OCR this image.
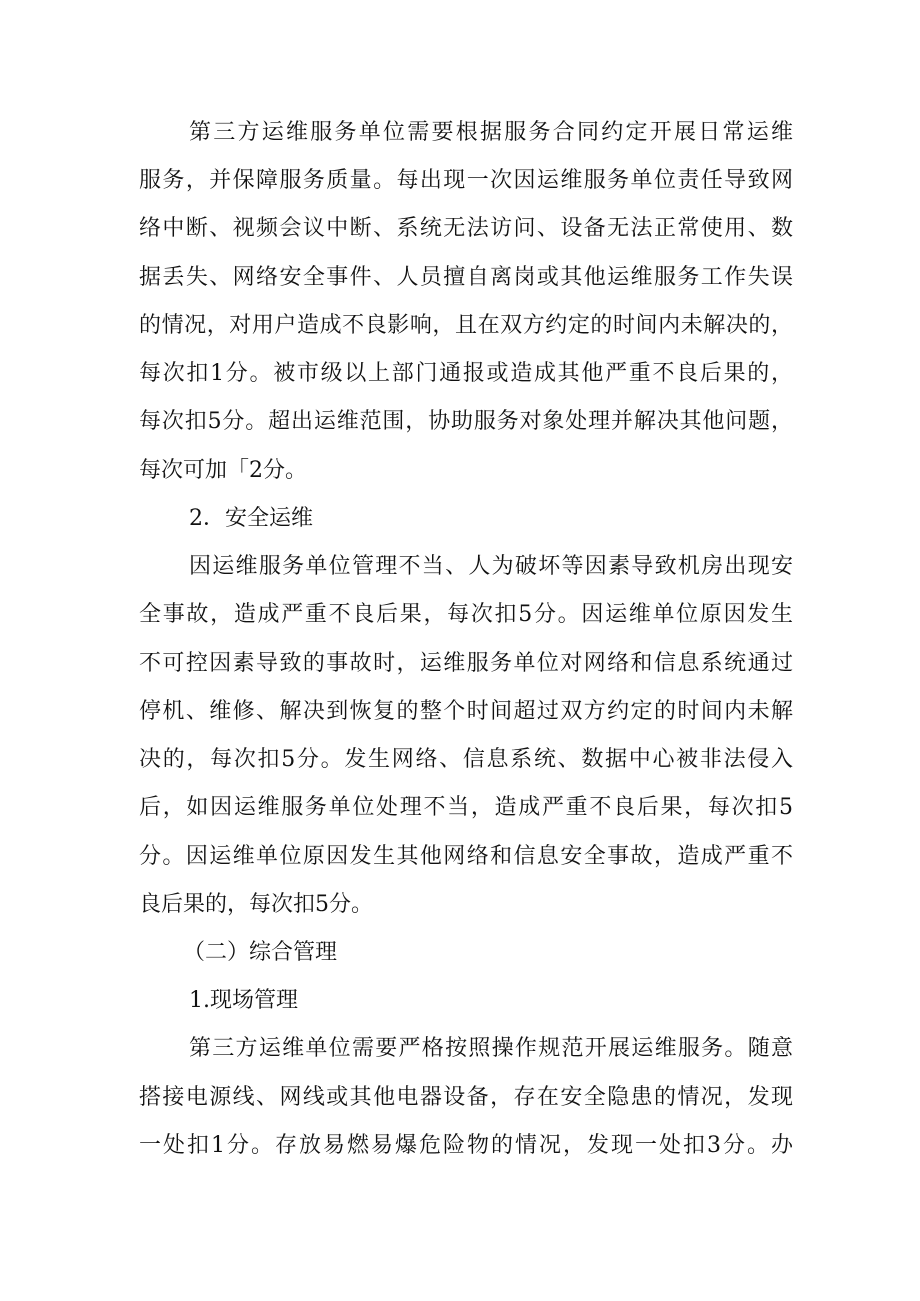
第三方运维服务单位需要根据服务合同约定开展日常运维
服务，并保障服务质量。每出现一次因运维服务单位责任导致网
络中断、视频会议中断、系统无法访问、设备无法正常使用、数
据丢失、网络安全事件、人员擅自离岗或其他运维服务工作失误
的情况，对用户造成不良影响，且在双方约定的时间内未解决的，
每次扣1分。被市级以上部门通报或造成其他严重不良后果的，
每次扣5分。超出运维范围，协助服务对象处理并解决其他问题，
每次可加「2分。
2．安全运维
因运维服务单位管理不当、人为破坏等因素导致机房出现安
全事故，造成严重不良后果，每次扣5分。因运维单位原因发生
不可控因素导致的事故时，运维服务单位对网络和信息系统通过
停机、维修、解决到恢复的整个时间超过双方约定的时间内未解
决的，每次扣5分。发生网络、信息系统、数据中心被非法侵入
后，如因运维服务单位处理不当，造成严重不良后果，每次扣5
分。因运维单位原因发生其他网络和信息安全事故，造成严重不
良后果的，每次扣5分。
（二）综合管理
1.现场管理
第三方运维单位需要严格按照操作规范开展运维服务。随意
搭接电源线、网线或其他电器设备，存在安全隐患的情况，发现
一处扣1分。存放易燃易爆危险物的情况，发现一处扣3分。办
